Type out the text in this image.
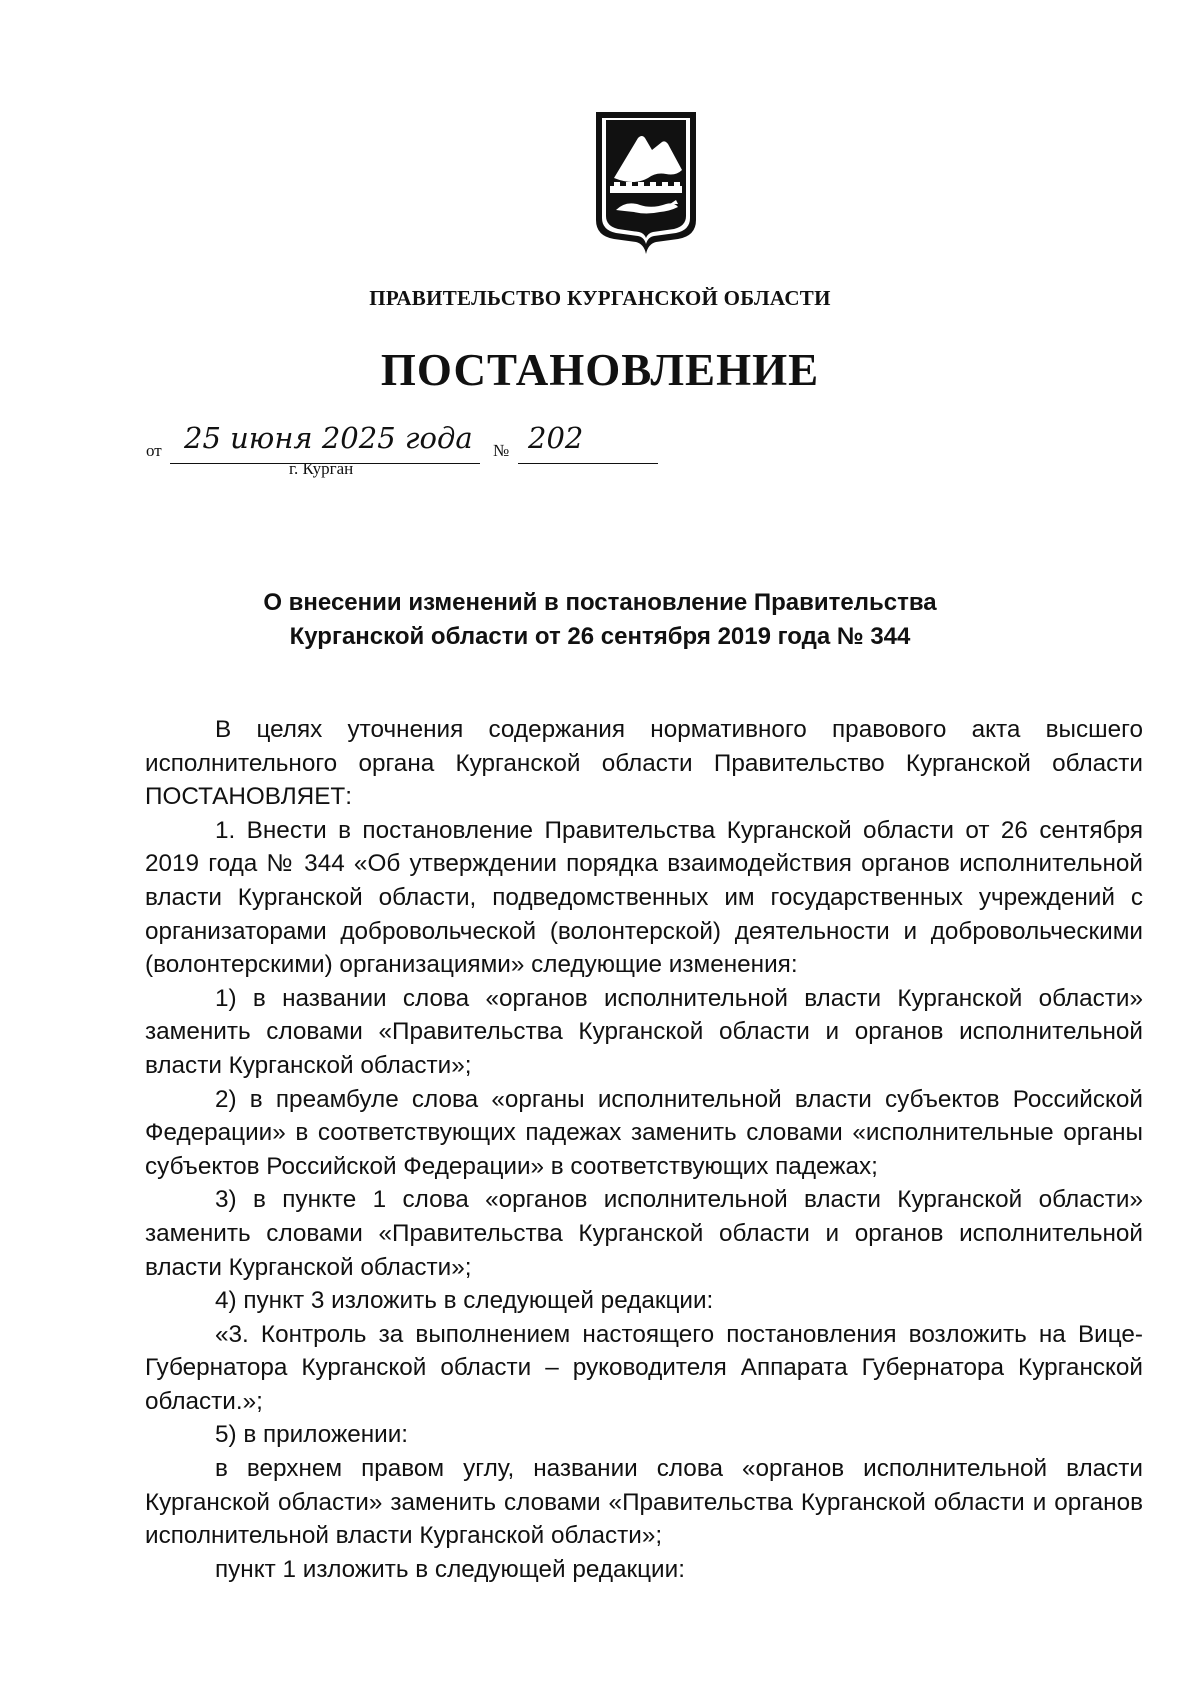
ПРАВИТЕЛЬСТВО КУРГАНСКОЙ ОБЛАСТИ
ПОСТАНОВЛЕНИЕ
от 25 июня 2025 года № 202
г. Курган
О внесении изменений в постановление Правительства
Курганской области от 26 сентября 2019 года № 344

В целях уточнения содержания нормативного правового акта высшего исполнительного органа Курганской области Правительство Курганской области ПОСТАНОВЛЯЕТ:

1. Внести в постановление Правительства Курганской области от 26 сентября 2019 года № 344 «Об утверждении порядка взаимодействия органов исполнительной власти Курганской области, подведомственных им государственных учреждений с организаторами добровольческой (волонтерской) деятельности и добровольческими (волонтерскими) организациями» следующие изменения:

1) в названии слова «органов исполнительной власти Курганской области» заменить словами «Правительства Курганской области и органов исполнительной власти Курганской области»;

2) в преамбуле слова «органы исполнительной власти субъектов Российской Федерации» в соответствующих падежах заменить словами «исполнительные органы субъектов Российской Федерации» в соответствующих падежах;

3) в пункте 1 слова «органов исполнительной власти Курганской области» заменить словами «Правительства Курганской области и органов исполнительной власти Курганской области»;

4) пункт 3 изложить в следующей редакции:

«3. Контроль за выполнением настоящего постановления возложить на Вице-Губернатора Курганской области – руководителя Аппарата Губернатора Курганской области.»;

5) в приложении:

в верхнем правом углу, названии слова «органов исполнительной власти Курганской области» заменить словами «Правительства Курганской области и органов исполнительной власти Курганской области»;

пункт 1 изложить в следующей редакции:
